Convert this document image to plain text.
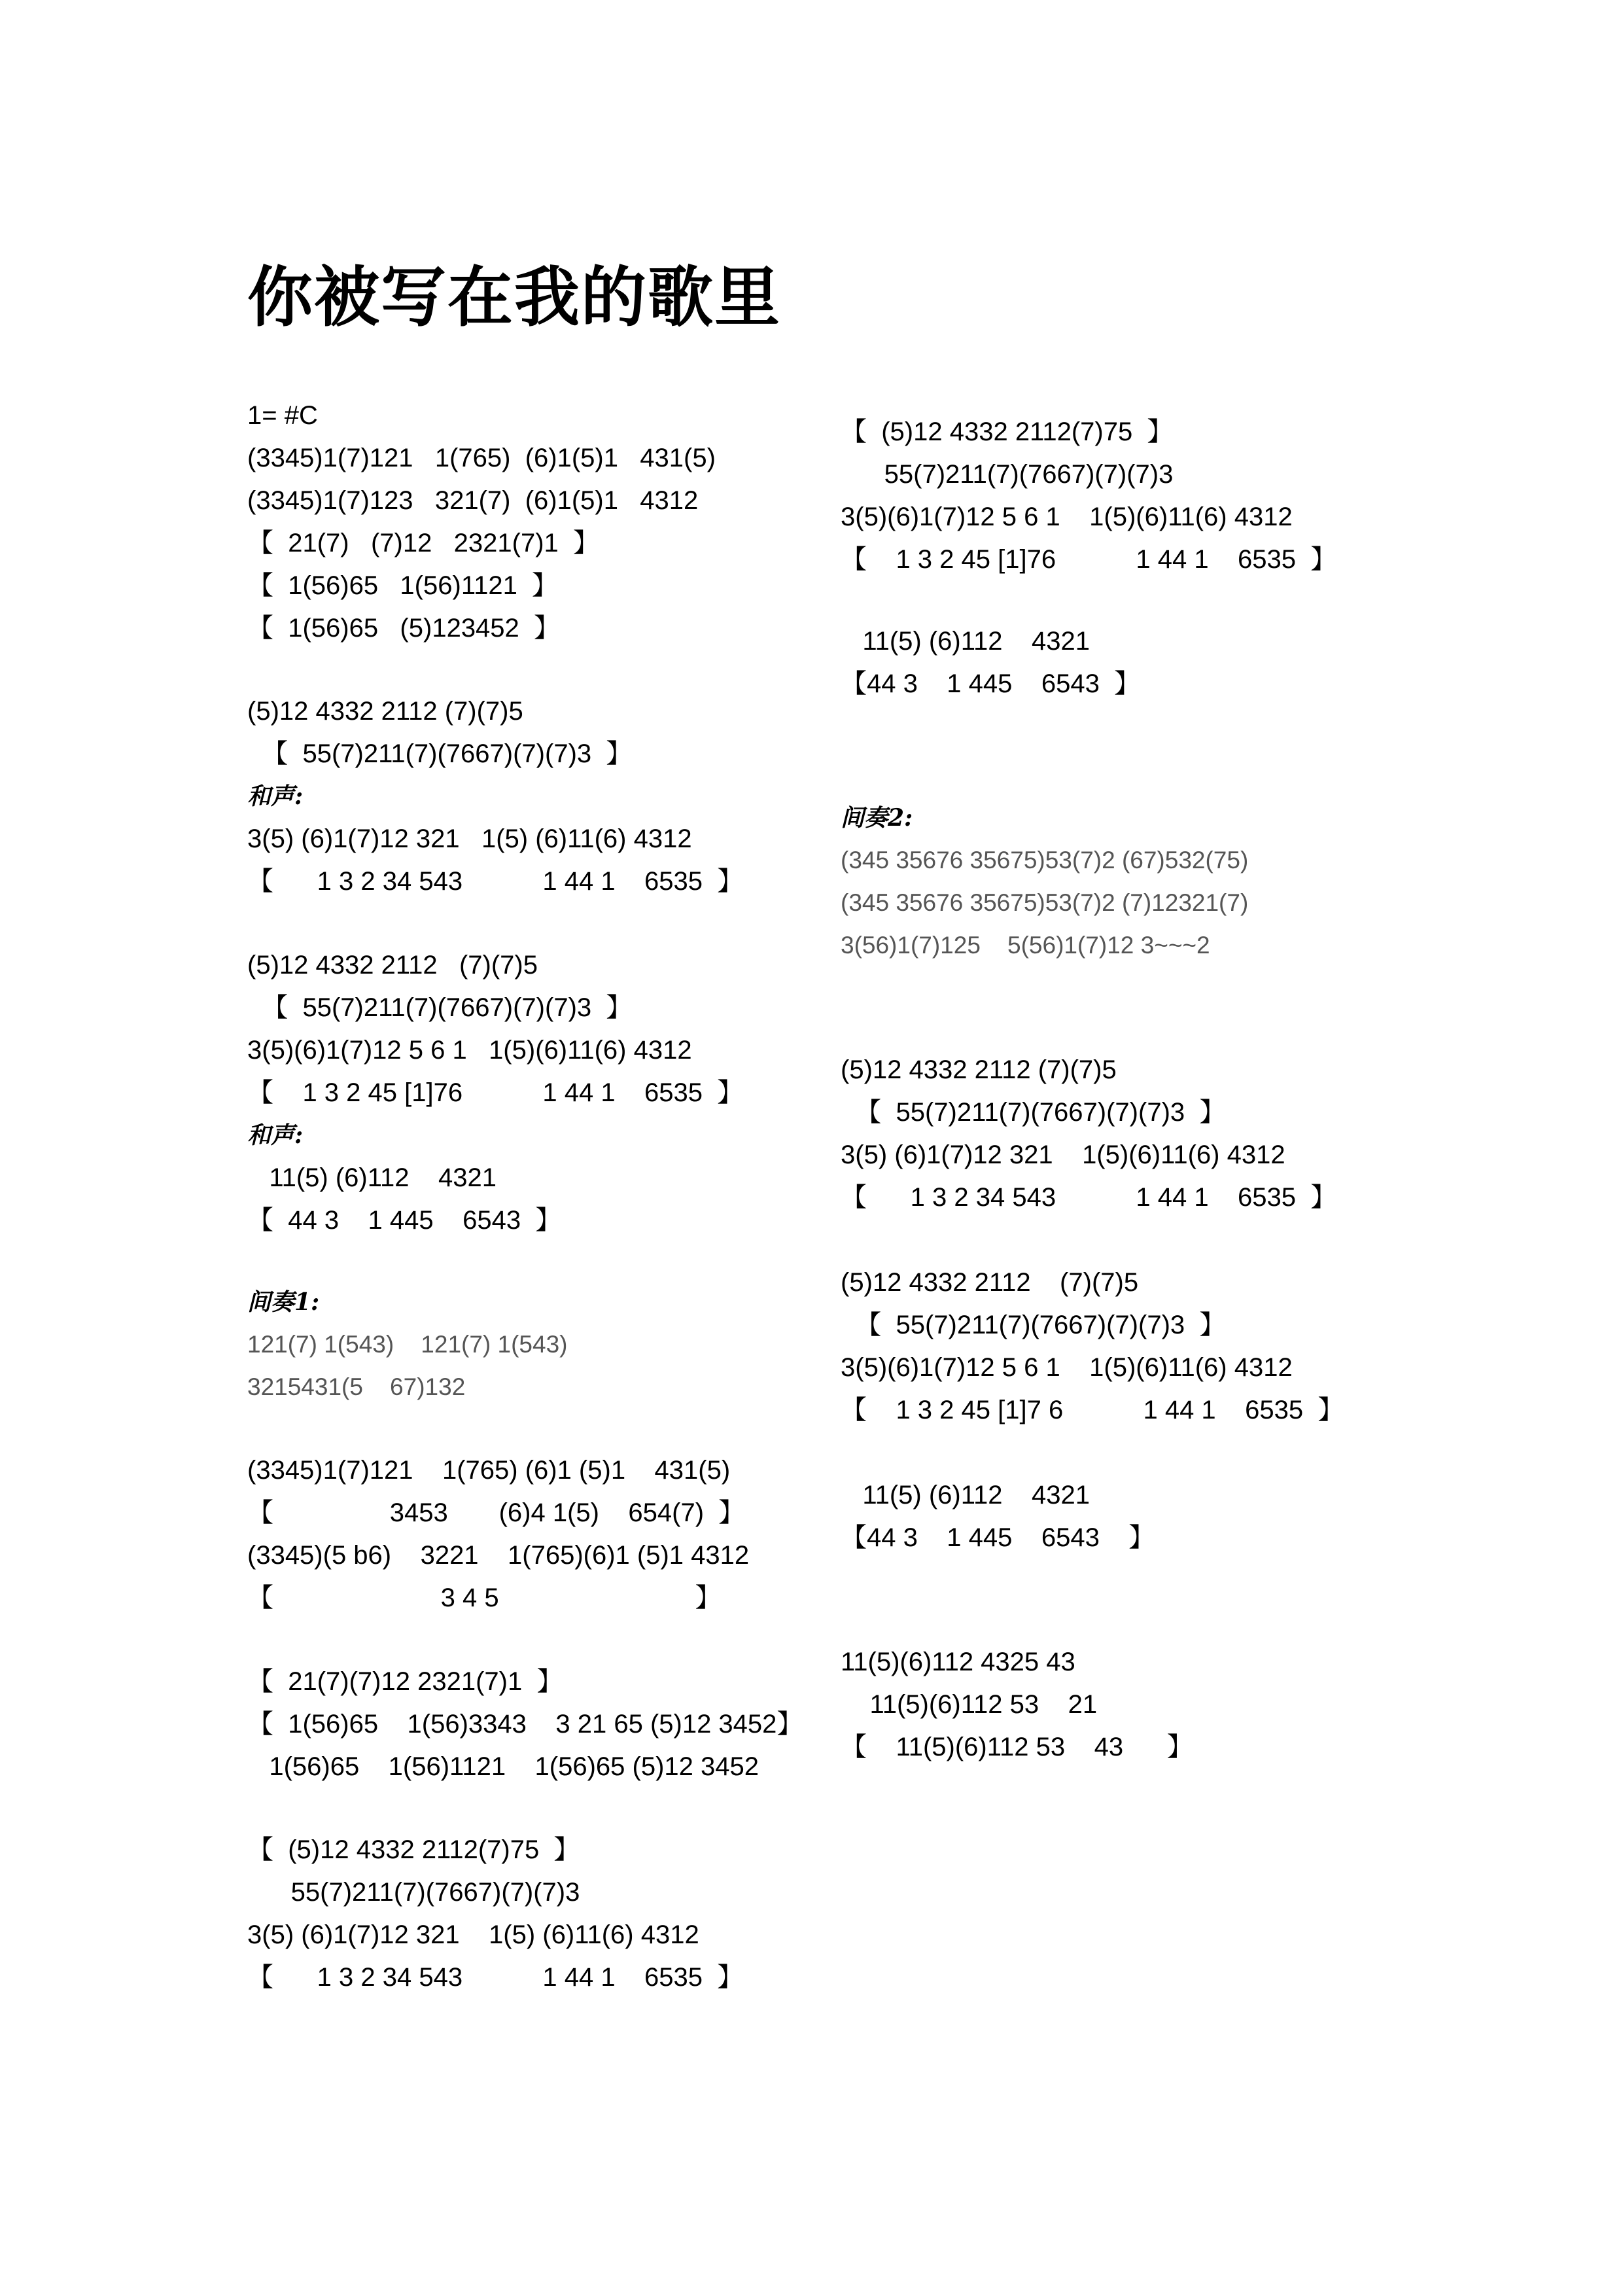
你被写在我的歌里
1= #C
(3345)1(7)121   1(765)  (6)1(5)1   431(5)
(3345)1(7)123   321(7)  (6)1(5)1   4312
【  21(7)   (7)12   2321(7)1  】
【  1(56)65   1(56)1121  】
【  1(56)65   (5)123452  】
(5)12 4332 2112 (7)(7)5
【  55(7)211(7)(7667)(7)(7)3  】
和声:
3(5) (6)1(7)12 321   1(5) (6)11(6) 4312
【      1 3 2 34 543           1 44 1    6535  】
(5)12 4332 2112   (7)(7)5
【  55(7)211(7)(7667)(7)(7)3  】
3(5)(6)1(7)12 5 6 1   1(5)(6)11(6) 4312
【    1 3 2 45 [1]76           1 44 1    6535  】
和声:
11(5) (6)112    4321
【  44 3    1 445    6543  】
间奏1:
121(7) 1(543)    121(7) 1(543)
3215431(5    67)132
(3345)1(7)121    1(765) (6)1 (5)1    431(5)
【                3453       (6)4 1(5)    654(7)  】
(3345)(5 b6)    3221    1(765)(6)1 (5)1 4312
【                       3 4 5                           】
【  21(7)(7)12 2321(7)1  】
【  1(56)65    1(56)3343    3 21 65 (5)12 3452】
1(56)65    1(56)1121    1(56)65 (5)12 3452
【  (5)12 4332 2112(7)75  】
55(7)211(7)(7667)(7)(7)3
3(5) (6)1(7)12 321    1(5) (6)11(6) 4312
【      1 3 2 34 543           1 44 1    6535  】
【  (5)12 4332 2112(7)75  】
55(7)211(7)(7667)(7)(7)3
3(5)(6)1(7)12 5 6 1    1(5)(6)11(6) 4312
【    1 3 2 45 [1]76           1 44 1    6535  】
11(5) (6)112    4321
【44 3    1 445    6543  】
间奏2:
(345 35676 35675)53(7)2 (67)532(75)
(345 35676 35675)53(7)2 (7)12321(7)
3(56)1(7)125    5(56)1(7)12 3~~~2
(5)12 4332 2112 (7)(7)5
【  55(7)211(7)(7667)(7)(7)3  】
3(5) (6)1(7)12 321    1(5)(6)11(6) 4312
【      1 3 2 34 543           1 44 1    6535  】
(5)12 4332 2112    (7)(7)5
【  55(7)211(7)(7667)(7)(7)3  】
3(5)(6)1(7)12 5 6 1    1(5)(6)11(6) 4312
【    1 3 2 45 [1]7 6           1 44 1    6535  】
11(5) (6)112    4321
【44 3    1 445    6543    】
11(5)(6)112 4325 43
11(5)(6)112 53    21
【    11(5)(6)112 53    43      】
